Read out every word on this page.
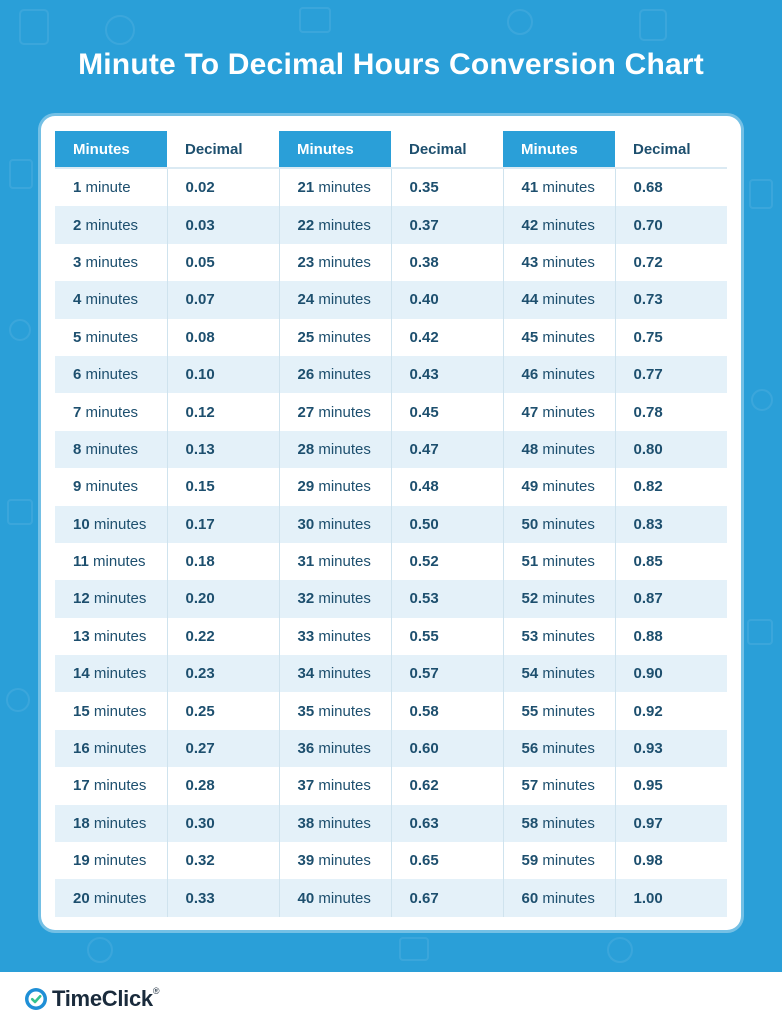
Minute To Decimal Hours Conversion Chart
Minutes	Decimal	Minutes	Decimal	Minutes	Decimal
1 minute	0.02	21 minutes	0.35	41 minutes	0.68
2 minutes	0.03	22 minutes	0.37	42 minutes	0.70
3 minutes	0.05	23 minutes	0.38	43 minutes	0.72
4 minutes	0.07	24 minutes	0.40	44 minutes	0.73
5 minutes	0.08	25 minutes	0.42	45 minutes	0.75
6 minutes	0.10	26 minutes	0.43	46 minutes	0.77
7 minutes	0.12	27 minutes	0.45	47 minutes	0.78
8 minutes	0.13	28 minutes	0.47	48 minutes	0.80
9 minutes	0.15	29 minutes	0.48	49 minutes	0.82
10 minutes	0.17	30 minutes	0.50	50 minutes	0.83
11 minutes	0.18	31 minutes	0.52	51 minutes	0.85
12 minutes	0.20	32 minutes	0.53	52 minutes	0.87
13 minutes	0.22	33 minutes	0.55	53 minutes	0.88
14 minutes	0.23	34 minutes	0.57	54 minutes	0.90
15 minutes	0.25	35 minutes	0.58	55 minutes	0.92
16 minutes	0.27	36 minutes	0.60	56 minutes	0.93
17 minutes	0.28	37 minutes	0.62	57 minutes	0.95
18 minutes	0.30	38 minutes	0.63	58 minutes	0.97
19 minutes	0.32	39 minutes	0.65	59 minutes	0.98
20 minutes	0.33	40 minutes	0.67	60 minutes	1.00
TimeClick ®
